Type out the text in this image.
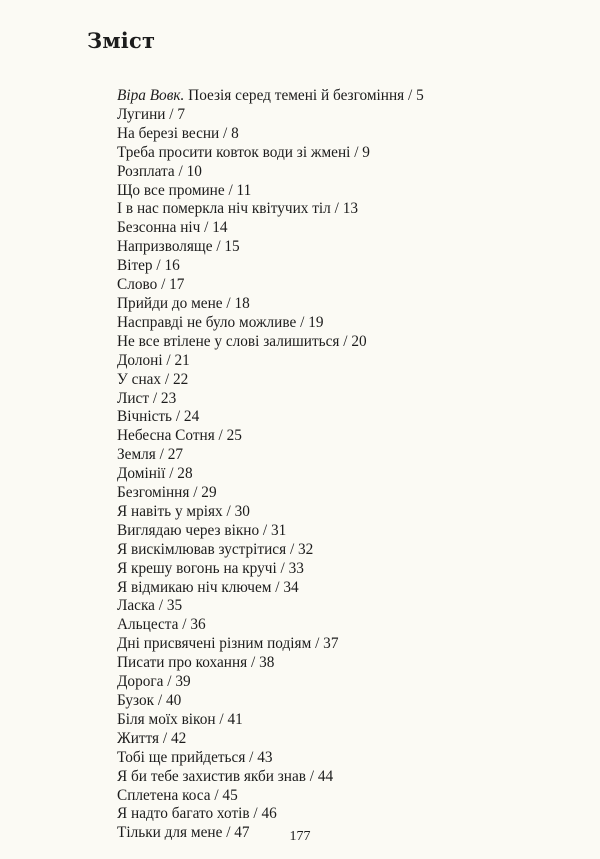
Зміст
Віра Вовк. Поезія серед темені й безгоміння / 5
Лугини / 7
На березі весни / 8
Треба просити ковток води зі жмені / 9
Розплата / 10
Що все промине / 11
І в нас померкла ніч квітучих тіл / 13
Безсонна ніч / 14
Напризволяще / 15
Вітер / 16
Слово / 17
Прийди до мене / 18
Насправді не було можливе / 19
Не все втілене у слові залишиться / 20
Долоні / 21
У снах / 22
Лист / 23
Вічність / 24
Небесна Сотня / 25
Земля / 27
Домінії / 28
Безгоміння / 29
Я навіть у мріях / 30
Виглядаю через вікно / 31
Я вискімлював зустрітися / 32
Я крешу вогонь на кручі / 33
Я відмикаю ніч ключем / 34
Ласка / 35
Альцеста / 36
Дні присвячені різним подіям / 37
Писати про кохання / 38
Дорога / 39
Бузок / 40
Біля моїх вікон / 41
Життя / 42
Тобі ще прийдеться / 43
Я би тебе захистив якби знав / 44
Сплетена коса / 45
Я надто багато хотів / 46
Тільки для мене / 47	177
